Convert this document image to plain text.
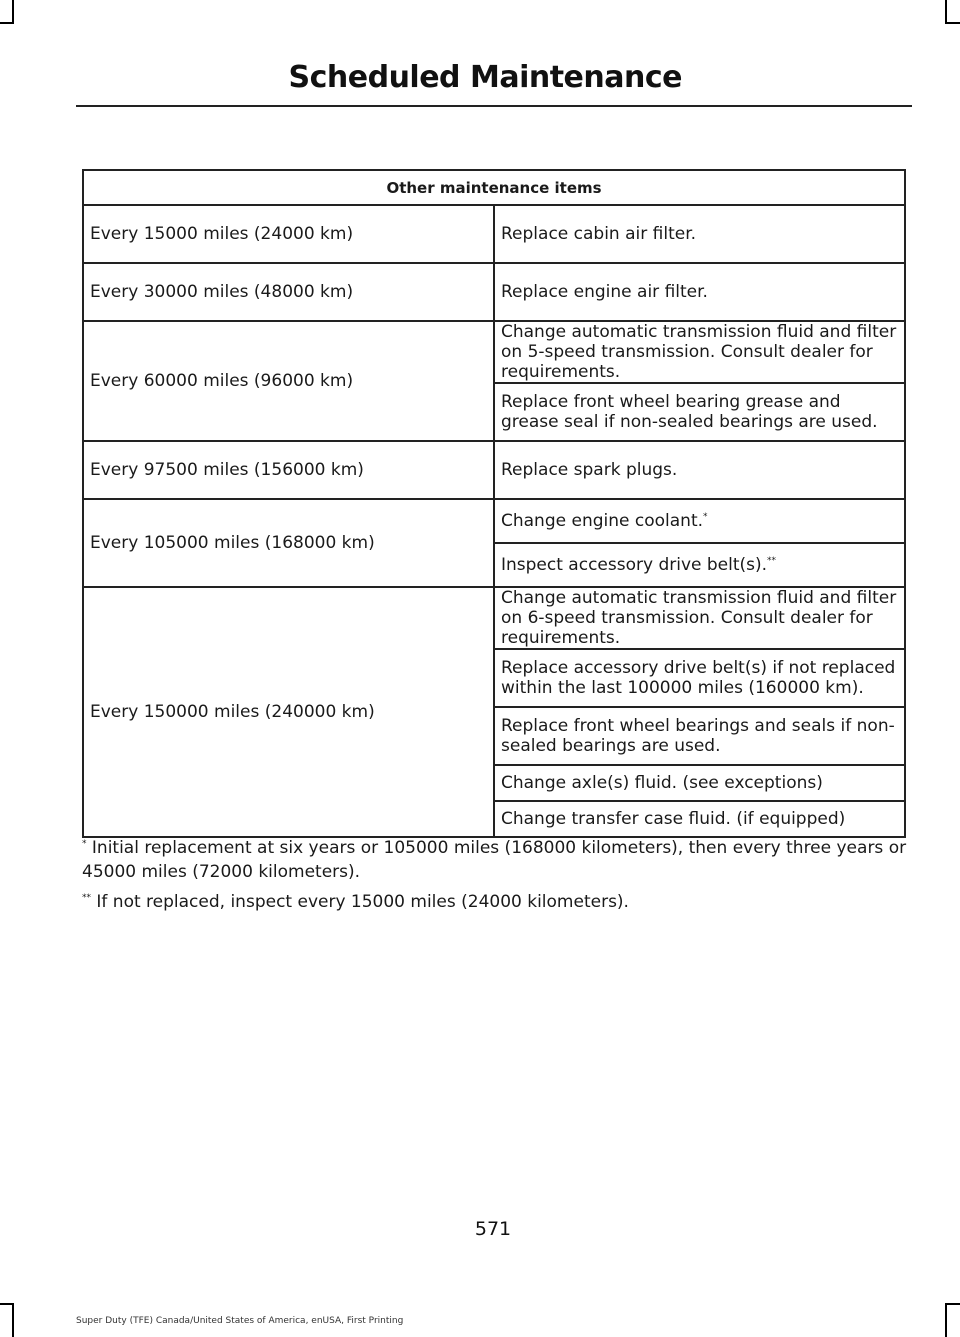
Scheduled Maintenance
Other maintenance items	
Every 15000 miles (24000 km)	Replace cabin air filter.
Every 30000 miles (48000 km)	Replace engine air filter.
Every 60000 miles (96000 km)	Change automatic transmission fluid and filter on 5-speed transmission. Consult dealer for requirements.
	Replace front wheel bearing grease and grease seal if non-sealed bearings are used.
Every 97500 miles (156000 km)	Replace spark plugs.
Every 105000 miles (168000 km)	Change engine coolant.*
	Inspect accessory drive belt(s).**
Every 150000 miles (240000 km)	Change automatic transmission fluid and filter on 6-speed transmission. Consult dealer for requirements.
	Replace accessory drive belt(s) if not replaced within the last 100000 miles (160000 km).
	Replace front wheel bearings and seals if non-sealed bearings are used.
	Change axle(s) fluid. (see exceptions)
	Change transfer case fluid. (if equipped)

* Initial replacement at six years or 105000 miles (168000 kilometers), then every three years or 45000 miles (72000 kilometers).

** If not replaced, inspect every 15000 miles (24000 kilometers).

571
Super Duty (TFE) Canada/United States of America, enUSA, First Printing
